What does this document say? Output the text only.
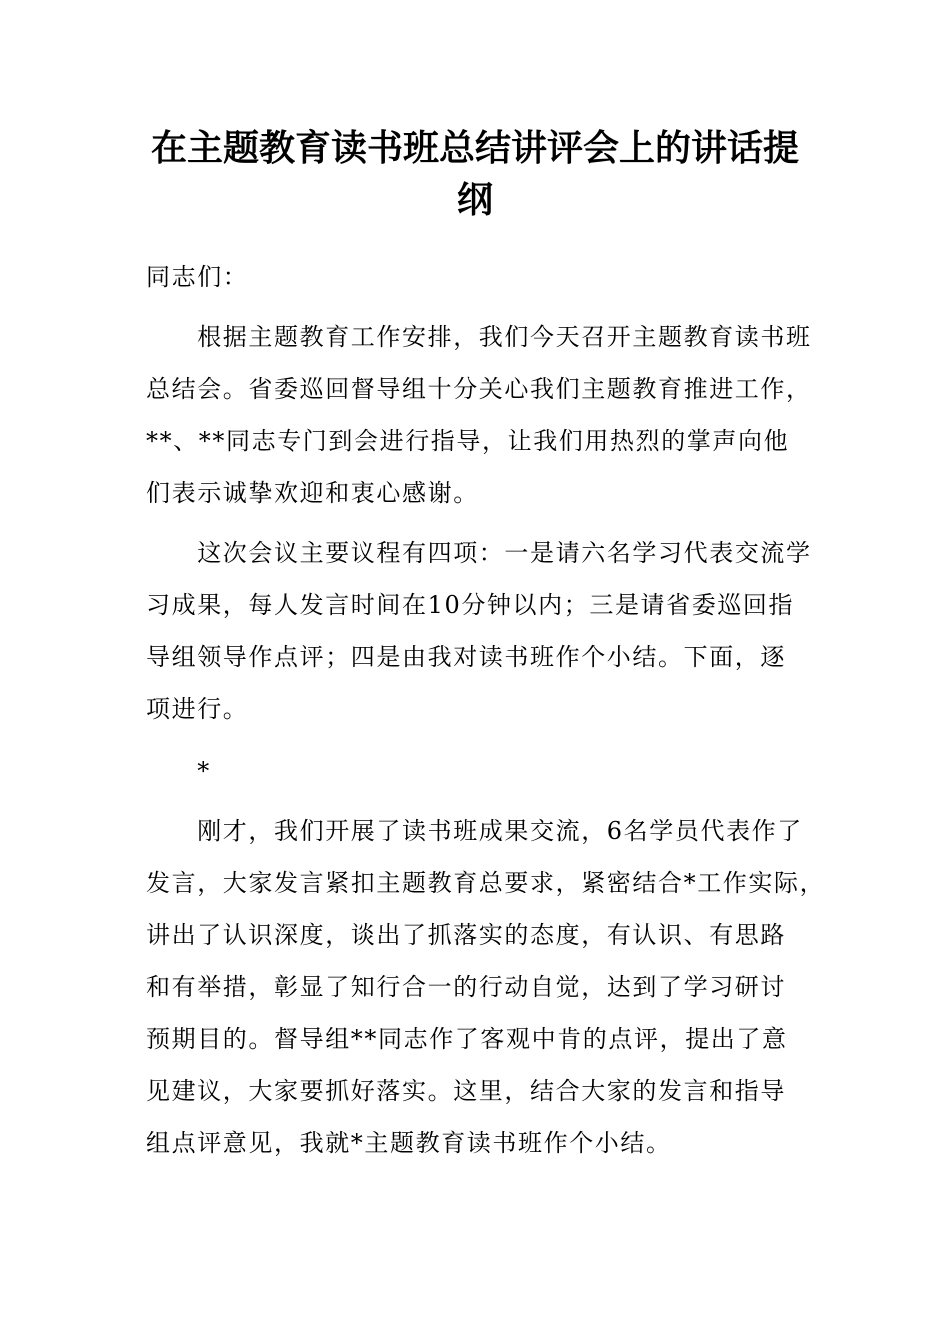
在主题教育读书班总结讲评会上的讲话提
纲

同志们：

　　根据主题教育工作安排，我们今天召开主题教育读书班
总结会。省委巡回督导组十分关心我们主题教育推进工作，
**、**同志专门到会进行指导，让我们用热烈的掌声向他
们表示诚挚欢迎和衷心感谢。

　　这次会议主要议程有四项：一是请六名学习代表交流学
习成果，每人发言时间在10分钟以内；三是请省委巡回指
导组领导作点评；四是由我对读书班作个小结。下面，逐
项进行。

　　*

　　刚才，我们开展了读书班成果交流，6名学员代表作了
发言，大家发言紧扣主题教育总要求，紧密结合*工作实际，
讲出了认识深度，谈出了抓落实的态度，有认识、有思路
和有举措，彰显了知行合一的行动自觉，达到了学习研讨
预期目的。督导组**同志作了客观中肯的点评，提出了意
见建议，大家要抓好落实。这里，结合大家的发言和指导
组点评意见，我就*主题教育读书班作个小结。
